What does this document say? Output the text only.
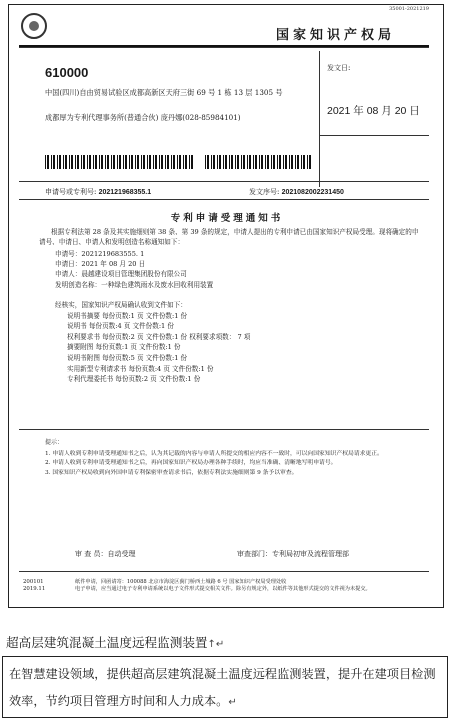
35001-2021219
国家知识产权局
610000
中国(四川)自由贸易试验区成都高新区天府三街 69 号 1 栋 13 层 1305 号
成都厚为专利代理事务所(普通合伙) 庞丹娜(028-85984101)
发文日:
2021 年 08 月 20 日
申请号或专利号: 202121968355.1	发文序号: 2021082002231450
专利申请受理通知书

根据专利法第 28 条及其实施细则第 38 条、第 39 条的规定，申请人提出的专利申请已由国家知识产权局受理。现将确定的申请号、申请日、申请人和发明创造名称通知如下：

申请号：2021219683555. 1
申请日：2021 年 08 月 20 日
申请人：晨越建设项目管理集团股份有限公司
发明创造名称：一种绿色建筑雨水及废水回收利用装置
经核实，国家知识产权局确认收到文件如下：
说明书摘要 每份页数:1 页 文件份数:1 份
说明书 每份页数:4 页 文件份数:1 份
权利要求书 每份页数:2 页 文件份数:1 份 权利要求项数： 7 项
摘要附图 每份页数:1 页 文件份数:1 份
说明书附图 每份页数:5 页 文件份数:1 份
实用新型专利请求书 每份页数:4 页 文件份数:1 份
专利代理委托书 每份页数:2 页 文件份数:1 份
提示：

1. 申请人收到专利申请受理通知书之后，认为其记载的内容与申请人所提交的相应内容不一致时，可以向国家知识产权局请求更正。

2. 申请人收到专利申请受理通知书之后，再向国家知识产权局办理各种手续时，均应当准确、清晰地写明申请号。

3. 国家知识产权局收到向外国申请专利保密审查请求书后，依据专利法实施细则第 9 条予以审查。

审 查 员：自动受理	审查部门：专利局初审及流程管理部
200101
2019.11
纸件申请，回函请寄：100088 北京市海淀区蓟门桥西土城路 6 号 国家知识产权局受理处收
电子申请，应当通过电子专利申请系统以电子文件形式提交相关文件。除另有规定外，以纸件等其他形式提交的文件视为未提交。
超高层建筑混凝土温度远程监测装置↑↵
在智慧建设领域，提供超高层建筑混凝土温度远程监测装置，提升在建项目检测效率，节约项目管理方时间和人力成本。↵
